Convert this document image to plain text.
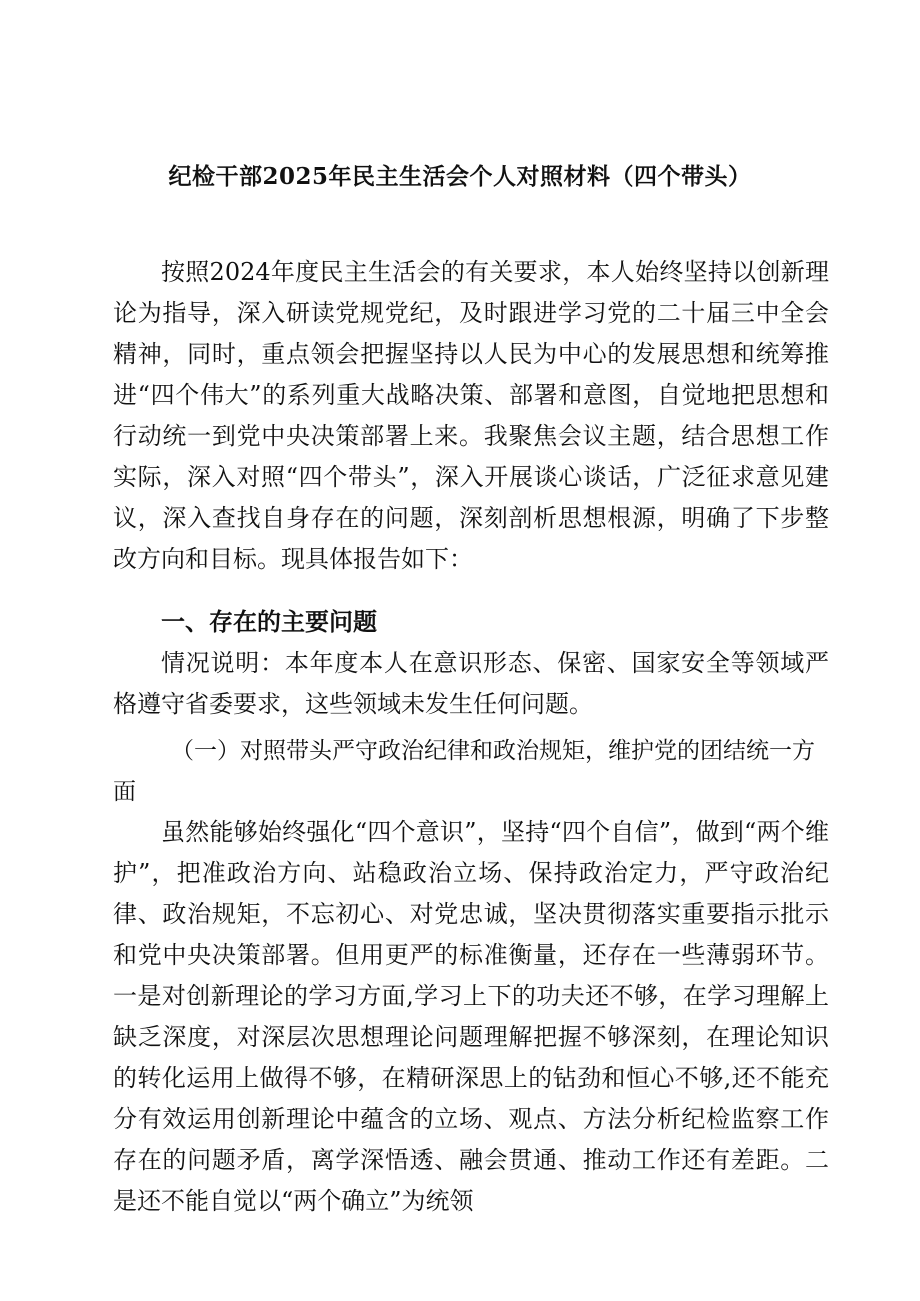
纪检干部2025年民主生活会个人对照材料（四个带头）
按照2024年度民主生活会的有关要求，本人始终坚持以创新理论为指导，深入研读党规党纪，及时跟进学习党的二十届三中全会精神，同时，重点领会把握坚持以人民为中心的发展思想和统筹推进“四个伟大”的系列重大战略决策、部署和意图，自觉地把思想和行动统一到党中央决策部署上来。我聚焦会议主题，结合思想工作实际，深入对照“四个带头”，深入开展谈心谈话，广泛征求意见建议，深入查找自身存在的问题，深刻剖析思想根源，明确了下步整改方向和目标。现具体报告如下：
一、存在的主要问题
情况说明：本年度本人在意识形态、保密、国家安全等领域严格遵守省委要求，这些领域未发生任何问题。
（一）对照带头严守政治纪律和政治规矩，维护党的团结统一方面
虽然能够始终强化“四个意识”，坚持“四个自信”，做到“两个维护”，把准政治方向、站稳政治立场、保持政治定力，严守政治纪律、政治规矩，不忘初心、对党忠诚，坚决贯彻落实重要指示批示和党中央决策部署。但用更严的标准衡量，还存在一些薄弱环节。一是对创新理论的学习方面,学习上下的功夫还不够，在学习理解上缺乏深度，对深层次思想理论问题理解把握不够深刻，在理论知识的转化运用上做得不够，在精研深思上的钻劲和恒心不够,还不能充分有效运用创新理论中蕴含的立场、观点、方法分析纪检监察工作存在的问题矛盾，离学深悟透、融会贯通、推动工作还有差距。二是还不能自觉以“两个确立”为统领
